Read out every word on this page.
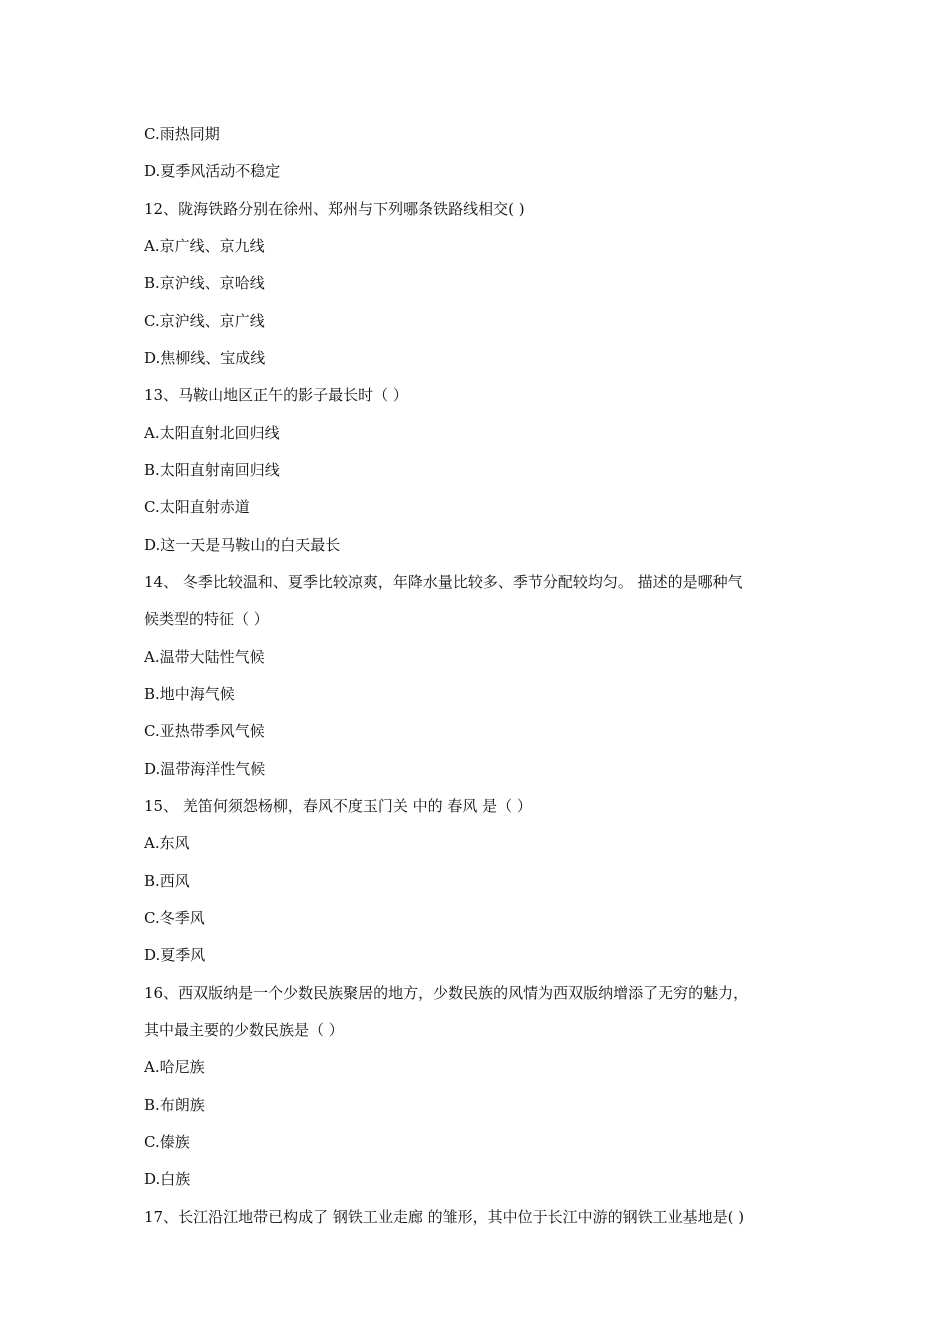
C.雨热同期
D.夏季风活动不稳定
12、陇海铁路分别在徐州、郑州与下列哪条铁路线相交( )
A.京广线、京九线
B.京沪线、京哈线
C.京沪线、京广线
D.焦柳线、宝成线
13、马鞍山地区正午的影子最长时（ ）
A.太阳直射北回归线
B.太阳直射南回归线
C.太阳直射赤道
D.这一天是马鞍山的白天最长
14、 冬季比较温和、夏季比较凉爽，年降水量比较多、季节分配较均匀。 描述的是哪种气
候类型的特征（ ）
A.温带大陆性气候
B.地中海气候
C.亚热带季风气候
D.温带海洋性气候
15、 羌笛何须怨杨柳，春风不度玉门关 中的 春风 是（ ）
A.东风
B.西风
C.冬季风
D.夏季风
16、西双版纳是一个少数民族聚居的地方，少数民族的风情为西双版纳增添了无穷的魅力，
其中最主要的少数民族是（ ）
A.哈尼族
B.布朗族
C.傣族
D.白族
17、长江沿江地带已构成了 钢铁工业走廊 的雏形，其中位于长江中游的钢铁工业基地是( )
